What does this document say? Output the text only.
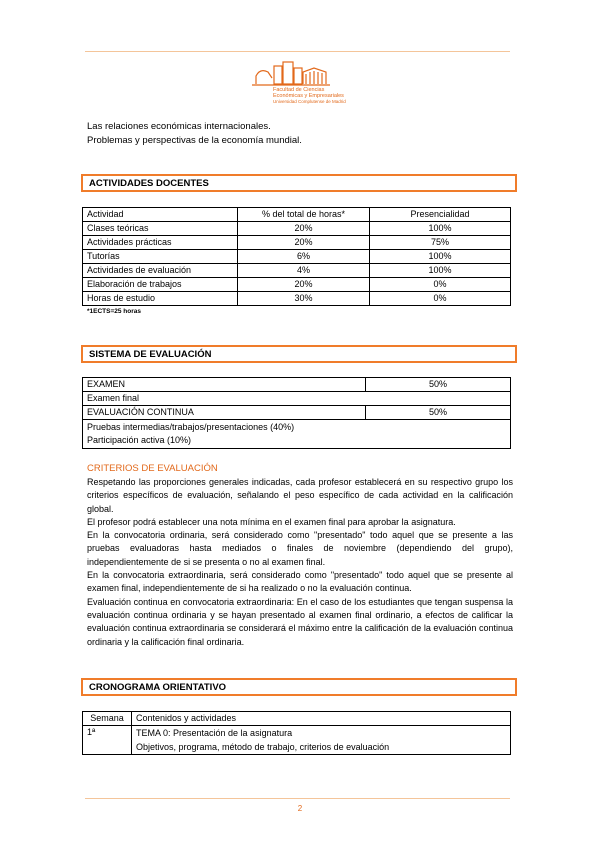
Facultad de Ciencias
Económicas y Empresariales
Universidad Complutense de Madrid
Las relaciones económicas internacionales.
Problemas y perspectivas de la economía mundial.
ACTIVIDADES DOCENTES
Actividad	% del total de horas*	Presencialidad
Clases teóricas	20%	100%
Actividades prácticas	20%	75%
Tutorías	6%	100%
Actividades de evaluación	4%	100%
Elaboración de trabajos	20%	0%
Horas de estudio	30%	0%
*1ECTS=25 horas
SISTEMA DE EVALUACIÓN
EXAMEN	50%
Examen final	
EVALUACIÓN CONTINUA	50%

Pruebas intermedias/trabajos/presentaciones (40%)
Participación activa (10%)	
CRITERIOS DE EVALUACIÓN

Respetando las proporciones generales indicadas, cada profesor establecerá en su respectivo grupo los criterios específicos de evaluación, señalando el peso específico de cada actividad en la calificación global.

El profesor podrá establecer una nota mínima en el examen final para aprobar la asignatura.

En la convocatoria ordinaria, será considerado como "presentado" todo aquel que se presente a las pruebas evaluadoras hasta mediados o finales de noviembre (dependiendo del grupo), independientemente de si se presenta o no al examen final.

En la convocatoria extraordinaria, será considerado como "presentado" todo aquel que se presente al examen final, independientemente de si ha realizado o no la evaluación continua.

Evaluación continua en convocatoria extraordinaria: En el caso de los estudiantes que tengan suspensa la evaluación continua ordinaria y se hayan presentado al examen final ordinario, a efectos de calificar la evaluación continua extraordinaria se considerará el máximo entre la calificación de la evaluación continua ordinaria y la calificación final ordinaria.

CRONOGRAMA ORIENTATIVO
Semana	Contenidos y actividades
1ª	TEMA 0: Presentación de la asignatura
Objetivos, programa, método de trabajo, criterios de evaluación
2
